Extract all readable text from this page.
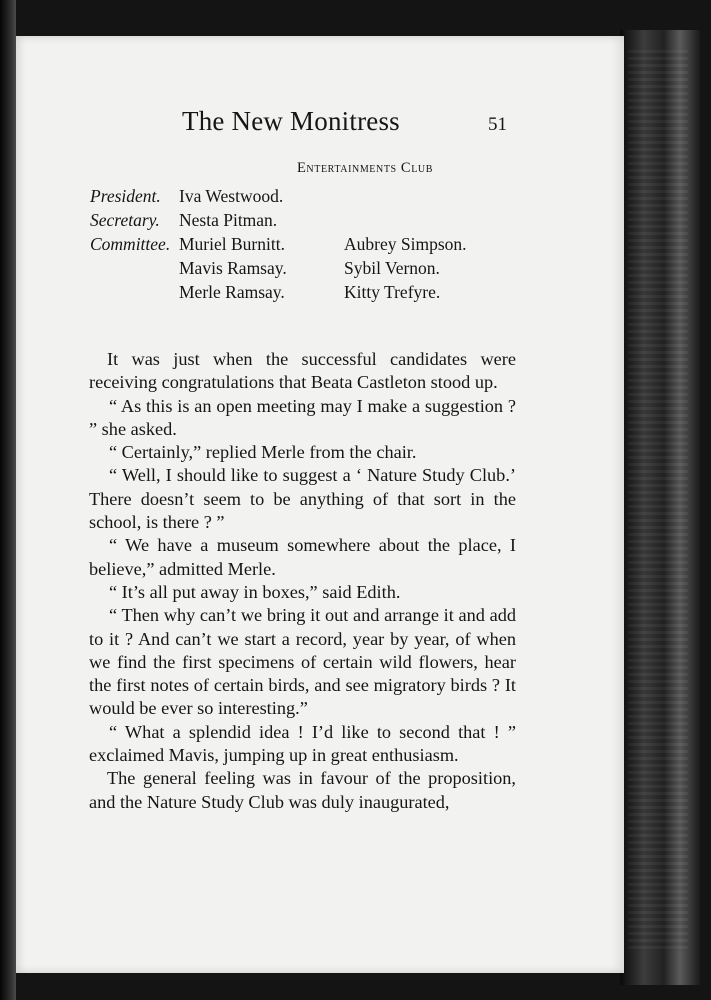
The New Monitress	51
Entertainments Club
President. Iva Westwood.
Secretary. Nesta Pitman.
Committee. Muriel Burnitt.	Aubrey Simpson.
Mavis Ramsay.	Sybil Vernon.
Merle Ramsay.	Kitty Trefyre.

It was just when the successful candidates were receiving congratulations that Beata Castleton stood up.

“ As this is an open meeting may I make a suggestion ? ” she asked.

“ Certainly,” replied Merle from the chair.

“ Well, I should like to suggest a ‘ Nature Study Club.’ There doesn’t seem to be anything of that sort in the school, is there ? ”

“ We have a museum somewhere about the place, I believe,” admitted Merle.

“ It’s all put away in boxes,” said Edith.

“ Then why can’t we bring it out and arrange it and add to it ? And can’t we start a record, year by year, of when we find the first specimens of certain wild flowers, hear the first notes of certain birds, and see migratory birds ? It would be ever so interesting.”

“ What a splendid idea ! I’d like to second that ! ” exclaimed Mavis, jumping up in great enthusiasm.

The general feeling was in favour of the proposition, and the Nature Study Club was duly inaugurated,
